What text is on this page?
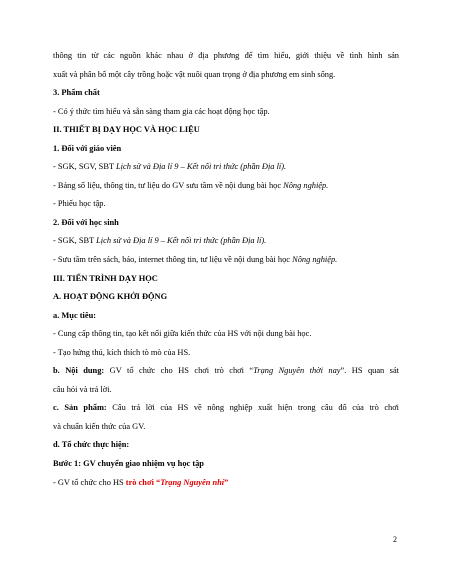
thông tin từ các nguồn khác nhau ở địa phương để tìm hiểu, giới thiệu về tình hình sản
xuất và phân bố một cây trồng hoặc vật nuôi quan trọng ở địa phương em sinh sống.
3. Phẩm chất
- Có ý thức tìm hiểu và sẵn sàng tham gia các hoạt động học tập.
II. THIẾT BỊ DẠY HỌC VÀ HỌC LIỆU
1. Đối với giáo viên
- SGK, SGV, SBT Lịch sử và Địa lí 9 – Kết nối tri thức (phần Địa lí).
- Bảng số liệu, thông tin, tư liệu do GV sưu tầm về nội dung bài học Nông nghiệp.
- Phiếu học tập.
2. Đối với học sinh
- SGK, SBT Lịch sử và Địa lí 9 – Kết nối tri thức (phần Địa lí).
- Sưu tầm trên sách, báo, internet thông tin, tư liệu về nội dung bài học Nông nghiệp.
III. TIẾN TRÌNH DẠY HỌC
A. HOẠT ĐỘNG KHỞI ĐỘNG
a. Mục tiêu:
- Cung cấp thông tin, tạo kết nối giữa kiến thức của HS với nội dung bài học.
- Tạo hứng thú, kích thích tò mò của HS.
b. Nội dung: GV tổ chức cho HS chơi trò chơi “Trạng Nguyên thời nay”. HS quan sát
câu hỏi và trả lời.
c. Sản phẩm: Câu trả lời của HS về nông nghiệp xuất hiện trong câu đố của trò chơi
và chuẩn kiến thức của GV.
d. Tổ chức thực hiện:
Bước 1: GV chuyển giao nhiệm vụ học tập
- GV tổ chức cho HS trò chơi “Trạng Nguyên nhí”
2
